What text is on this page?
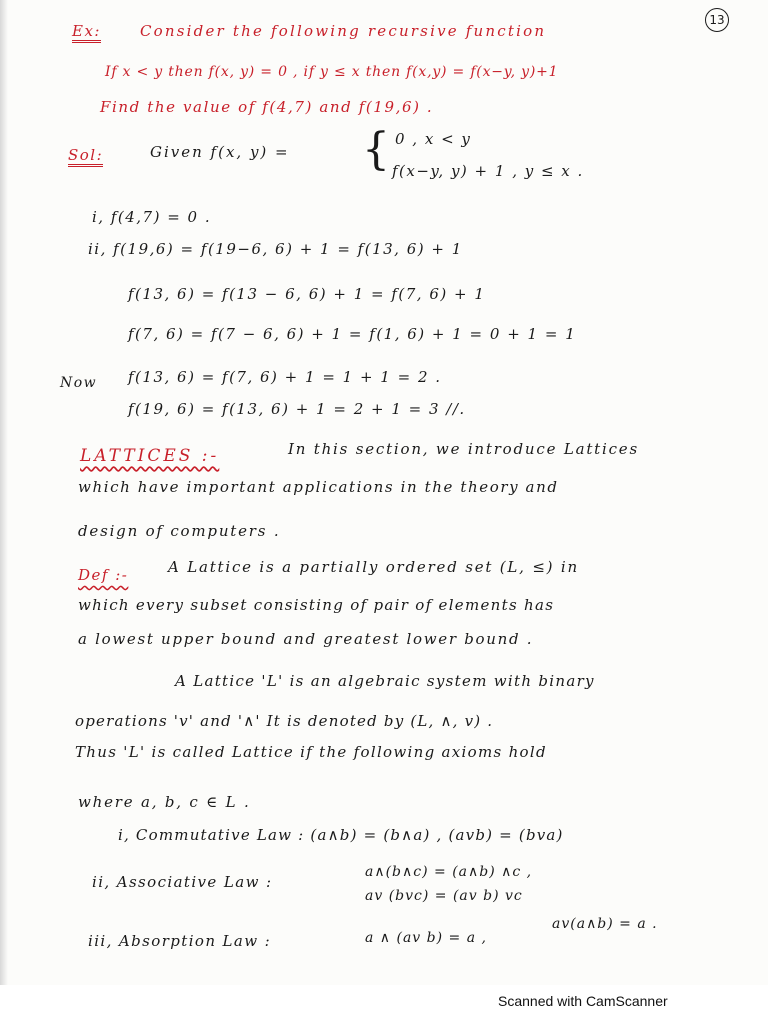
13
Ex:	Consider the following recursive function
If x < y then f(x, y) = 0 , if y ≤ x then f(x,y) = f(x−y, y)+1
Find the value of f(4,7) and f(19,6) .
Sol:	Given f(x, y) = { 0 , x < y
f(x−y, y) + 1 , y ≤ x .
i, f(4,7) = 0 .
ii, f(19,6) = f(19−6, 6) + 1 = f(13, 6) + 1
f(13, 6) = f(13 − 6, 6) + 1 = f(7, 6) + 1
f(7, 6) = f(7 − 6, 6) + 1 = f(1, 6) + 1 = 0 + 1 = 1
Now f(13, 6) = f(7, 6) + 1 = 1 + 1 = 2 .
f(19, 6) = f(13, 6) + 1 = 2 + 1 = 3 //.
LATTICES :-	In this section, we introduce Lattices
which have important applications in the theory and
design of computers .
Def :-	A Lattice is a partially ordered set (L, ≤) in
which every subset consisting of pair of elements has
a lowest upper bound and greatest lower bound .
A Lattice 'L' is an algebraic system with binary
operations 'v' and '∧' It is denoted by (L, ∧, v) .
Thus 'L' is called Lattice if the following axioms hold
where a, b, c ∈ L .
i, Commutative Law : (a∧b) = (b∧a) , (avb) = (bva)
ii, Associative Law :
a∧(b∧c) = (a∧b) ∧c ,
av (bvc) = (av b) vc
iii, Absorption Law :	a ∧ (av b) = a ,
av(a∧b) = a .
Scanned with CamScanner
